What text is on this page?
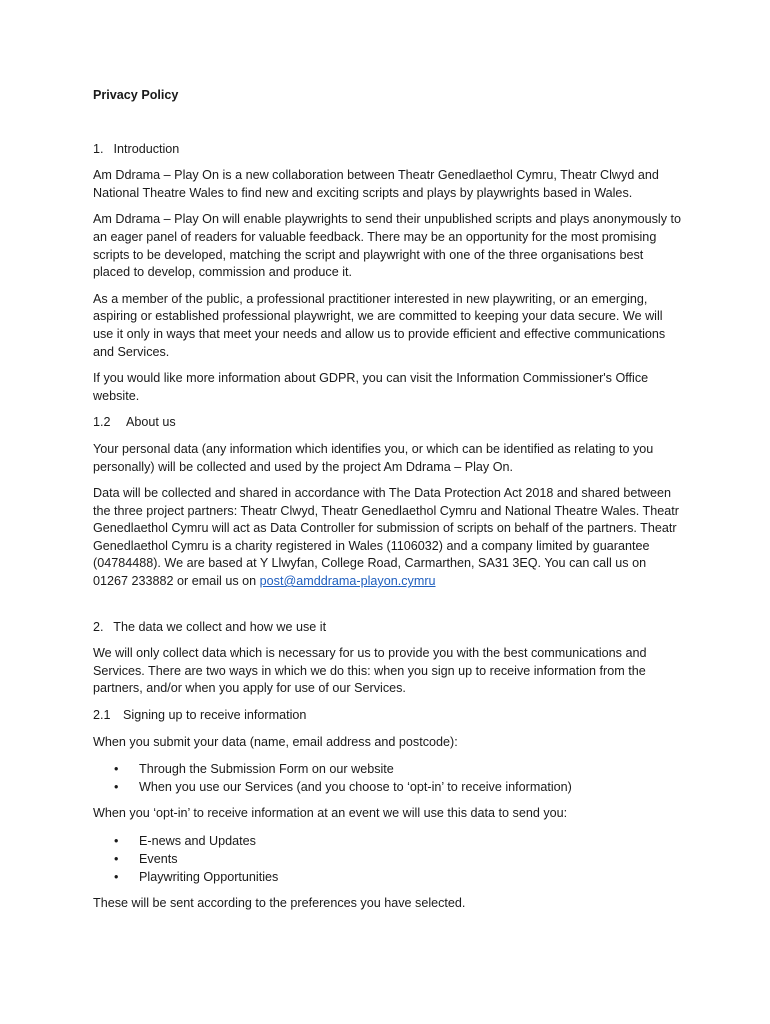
Privacy Policy

1. Introduction

Am Ddrama – Play On is a new collaboration between Theatr Genedlaethol Cymru, Theatr Clwyd and National Theatre Wales to find new and exciting scripts and plays by playwrights based in Wales.

Am Ddrama – Play On will enable playwrights to send their unpublished scripts and plays anonymously to an eager panel of readers for valuable feedback. There may be an opportunity for the most promising scripts to be developed, matching the script and playwright with one of the three organisations best placed to develop, commission and produce it.

As a member of the public, a professional practitioner interested in new playwriting, or an emerging, aspiring or established professional playwright, we are committed to keeping your data secure. We will use it only in ways that meet your needs and allow us to provide efficient and effective communications and Services.

If you would like more information about GDPR, you can visit the Information Commissioner's Office website.

1.2 About us

Your personal data (any information which identifies you, or which can be identified as relating to you personally) will be collected and used by the project Am Ddrama – Play On.

Data will be collected and shared in accordance with The Data Protection Act 2018 and shared between the three project partners: Theatr Clwyd, Theatr Genedlaethol Cymru and National Theatre Wales. Theatr Genedlaethol Cymru will act as Data Controller for submission of scripts on behalf of the partners. Theatr Genedlaethol Cymru is a charity registered in Wales (1106032) and a company limited by guarantee (04784488). We are based at Y Llwyfan, College Road, Carmarthen, SA31 3EQ. You can call us on 01267 233882 or email us on post@amddrama-playon.cymru

2. The data we collect and how we use it

We will only collect data which is necessary for us to provide you with the best communications and Services. There are two ways in which we do this: when you sign up to receive information from the partners, and/or when you apply for use of our Services.

2.1 Signing up to receive information

When you submit your data (name, email address and postcode):

• Through the Submission Form on our website
• When you use our Services (and you choose to ‘opt-in’ to receive information)

When you ‘opt-in’ to receive information at an event we will use this data to send you:

• E-news and Updates
• Events
• Playwriting Opportunities

These will be sent according to the preferences you have selected.
